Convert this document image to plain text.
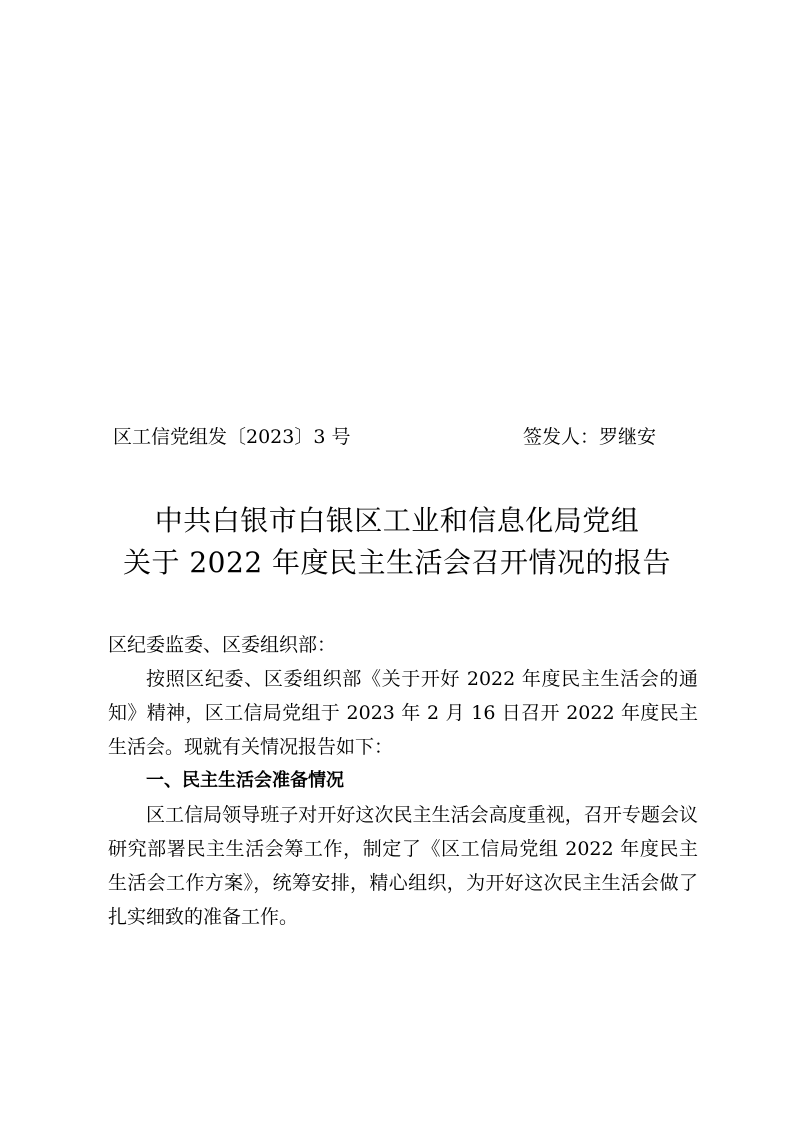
区工信党组发〔2023〕3 号	签发人：罗继安
中共白银市白银区工业和信息化局党组
关于 2022 年度民主生活会召开情况的报告

区纪委监委、区委组织部：

按照区纪委、区委组织部《关于开好 2022 年度民主生活会的通知》精神，区工信局党组于 2023 年 2 月 16 日召开 2022 年度民主生活会。现就有关情况报告如下：

一、民主生活会准备情况

区工信局领导班子对开好这次民主生活会高度重视，召开专题会议研究部署民主生活会筹工作，制定了《区工信局党组 2022 年度民主生活会工作方案》，统筹安排，精心组织，为开好这次民主生活会做了扎实细致的准备工作。
